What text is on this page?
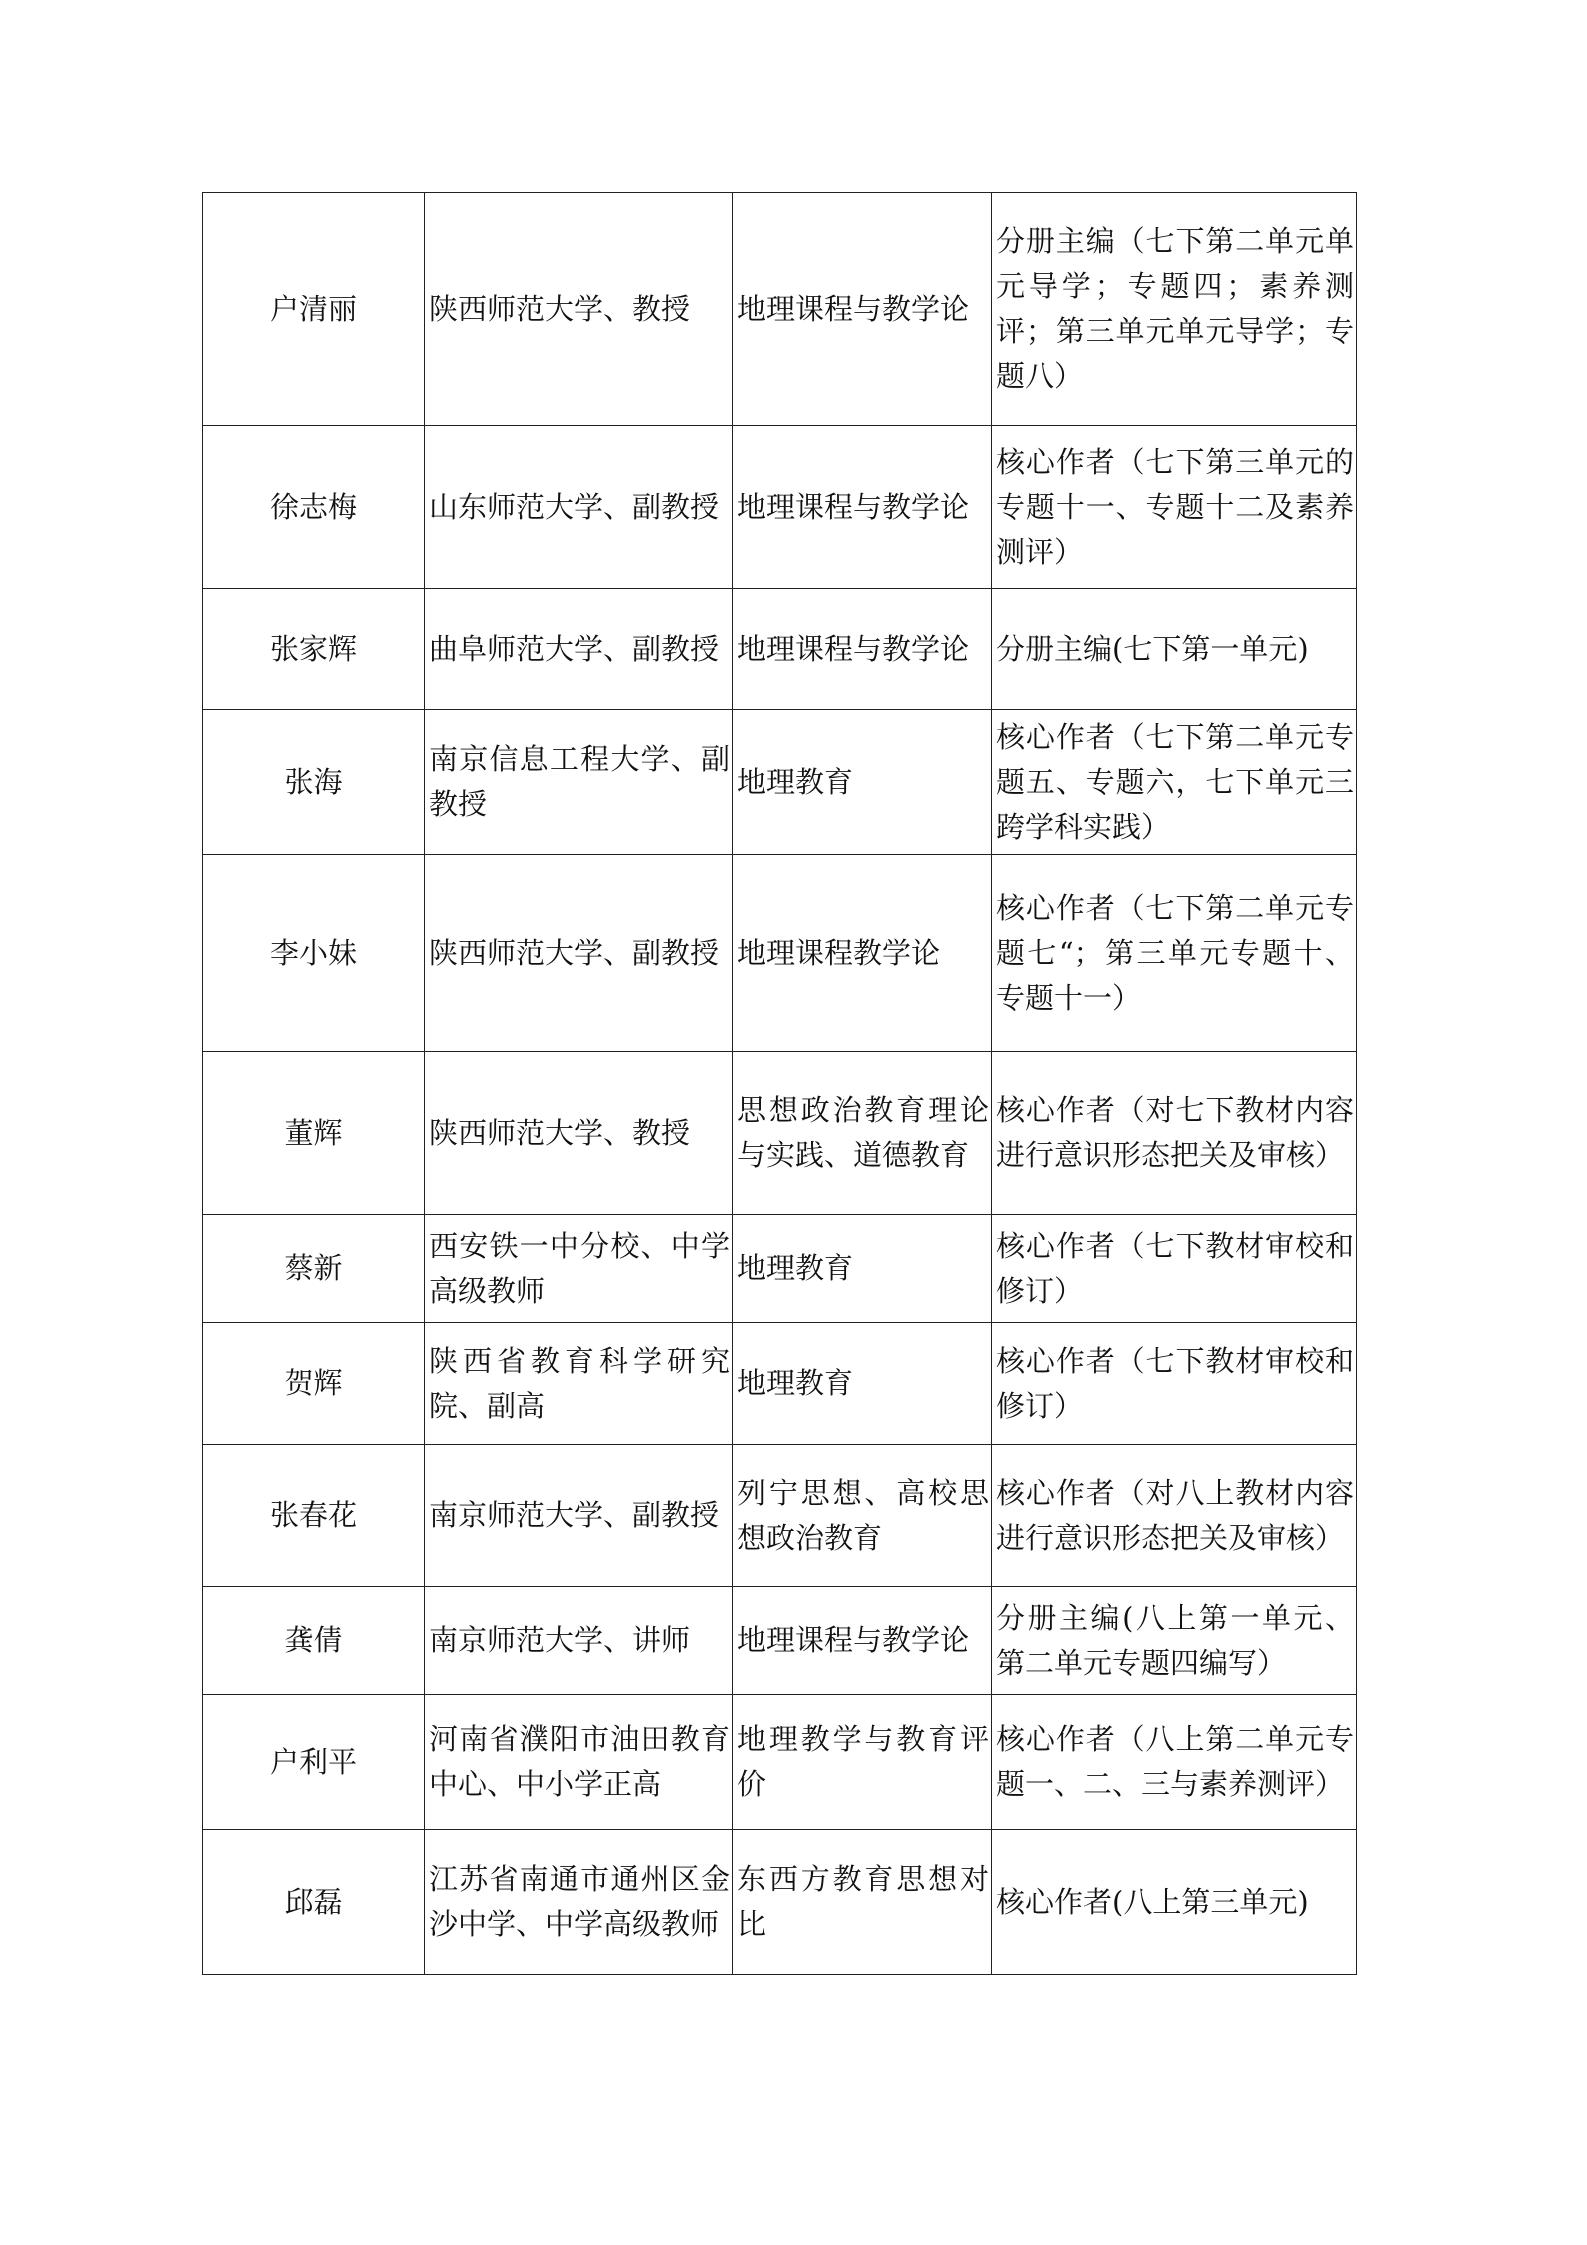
户清丽	陕西师范大学、教授	地理课程与教学论	分册主编（七下第二单元单元导学；专题四；素养测评；第三单元单元导学；专题八）
徐志梅	山东师范大学、副教授	地理课程与教学论	核心作者（七下第三单元的专题十一、专题十二及素养测评）
张家辉	曲阜师范大学、副教授	地理课程与教学论	分册主编(七下第一单元)
张海	南京信息工程大学、副教授	地理教育	核心作者（七下第二单元专题五、专题六，七下单元三跨学科实践）
李小妹	陕西师范大学、副教授	地理课程教学论	核心作者（七下第二单元专题七“；第三单元专题十、专题十一）
董辉	陕西师范大学、教授	思想政治教育理论与实践、道德教育	核心作者（对七下教材内容进行意识形态把关及审核）
蔡新	西安铁一中分校、中学高级教师	地理教育	核心作者（七下教材审校和修订）
贺辉	陕西省教育科学研究院、副高	地理教育	核心作者（七下教材审校和修订）
张春花	南京师范大学、副教授	列宁思想、高校思想政治教育	核心作者（对八上教材内容进行意识形态把关及审核）
龚倩	南京师范大学、讲师	地理课程与教学论	分册主编(八上第一单元、第二单元专题四编写）
户利平	河南省濮阳市油田教育中心、中小学正高	地理教学与教育评价	核心作者（八上第二单元专题一、二、三与素养测评）
邱磊	江苏省南通市通州区金沙中学、中学高级教师	东西方教育思想对比	核心作者(八上第三单元)
